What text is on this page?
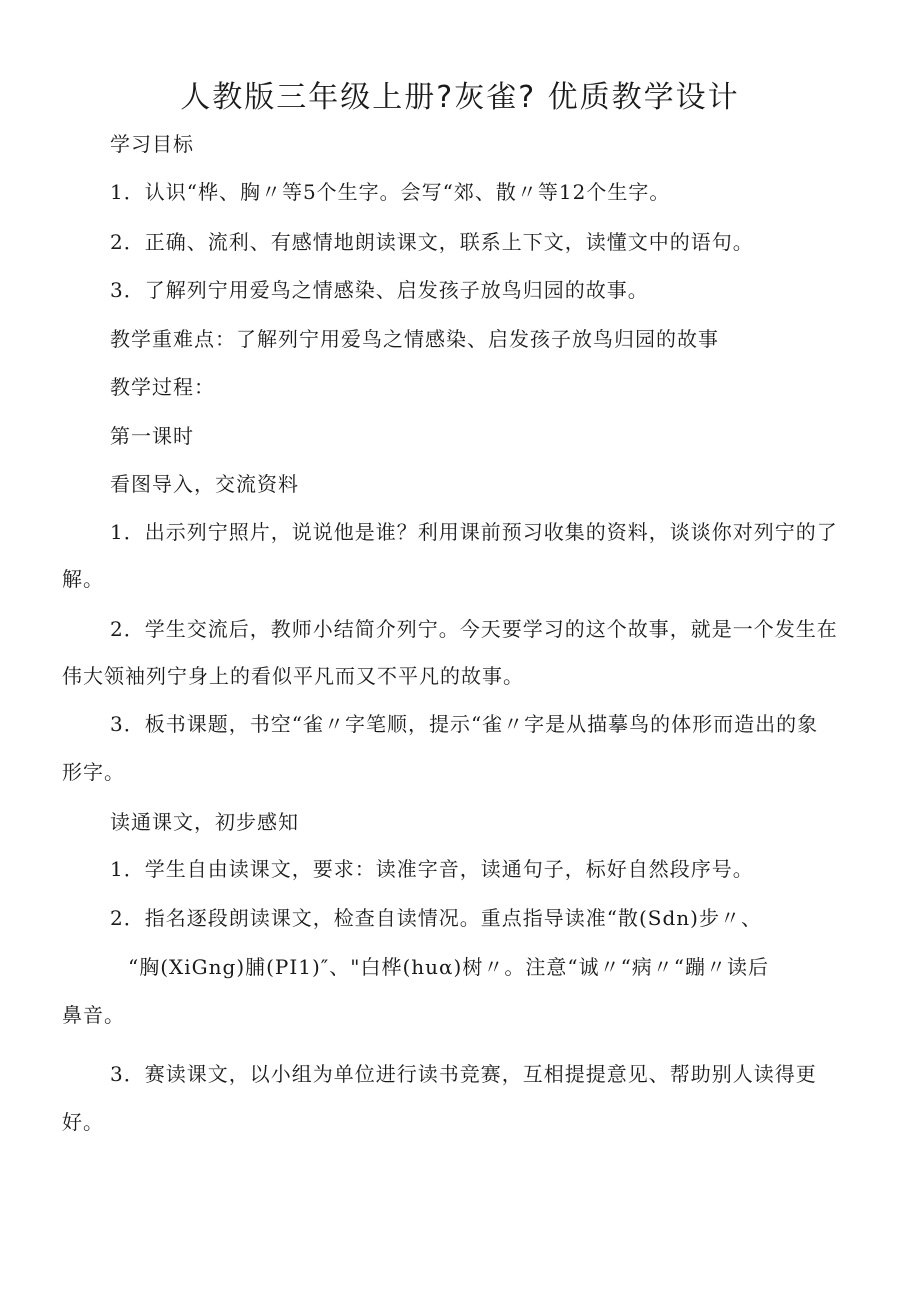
人教版三年级上册?灰雀? 优质教学设计

学习目标

1．认识“桦、胸〃等5个生字。会写“郊、散〃等12个生字。

2．正确、流利、有感情地朗读课文，联系上下文，读懂文中的语句。

3．了解列宁用爱鸟之情感染、启发孩子放鸟归园的故事。

教学重难点：了解列宁用爱鸟之情感染、启发孩子放鸟归园的故事

教学过程：

第一课时

看图导入，交流资料

1．出示列宁照片，说说他是谁？利用课前预习收集的资料，谈谈你对列宁的了

解。

2．学生交流后，教师小结简介列宁。今天要学习的这个故事，就是一个发生在

伟大领袖列宁身上的看似平凡而又不平凡的故事。

3．板书课题，书空“雀〃字笔顺，提示“雀〃字是从描摹鸟的体形而造出的象

形字。

读通课文，初步感知

1．学生自由读课文，要求：读准字音，读通句子，标好自然段序号。

2．指名逐段朗读课文，检查自读情况。重点指导读准“散(Sdn)步〃、

“胸(XiGng)脯(PI1)″、"白桦(huα)树〃。注意“诚〃“病〃“蹦〃读后

鼻音。

3．赛读课文，以小组为单位进行读书竞赛，互相提提意见、帮助别人读得更

好。
